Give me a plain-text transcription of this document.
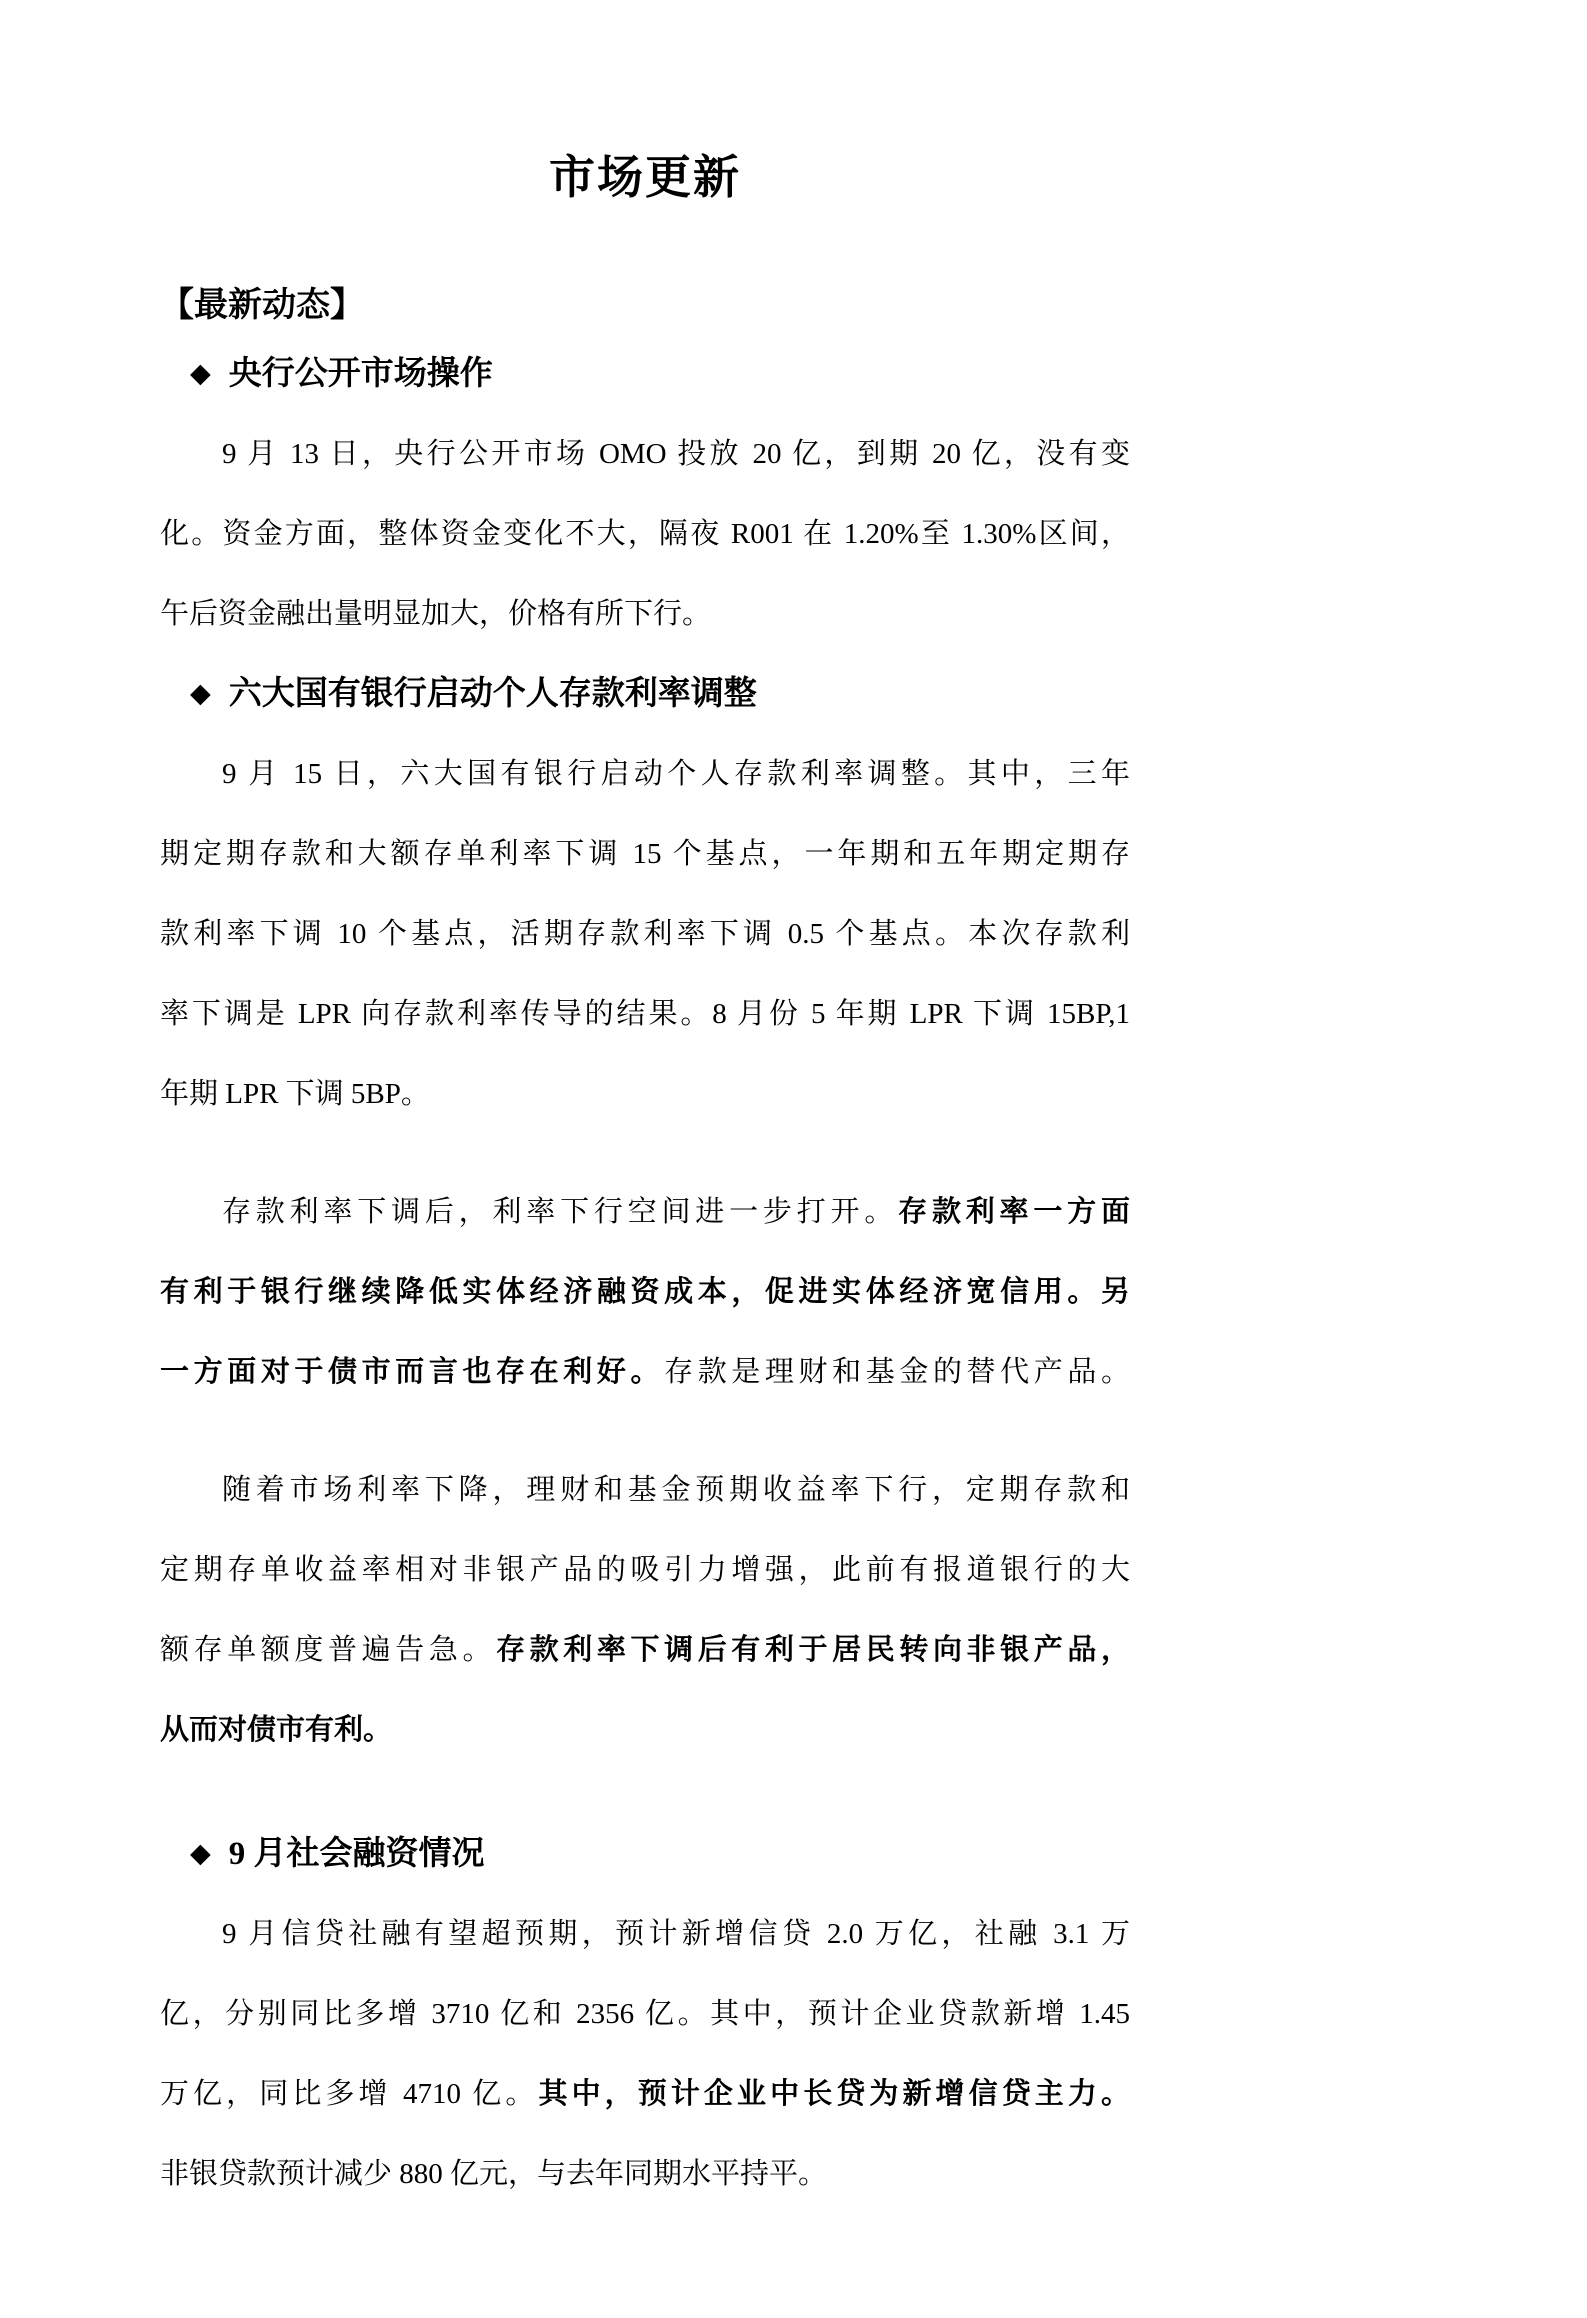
市场更新
【最新动态】
◆ 央行公开市场操作
9 月 13 日，央行公开市场 OMO 投放 20 亿，到期 20 亿，没有变
化。资金方面，整体资金变化不大，隔夜 R001 在 1.20%至 1.30%区间，
午后资金融出量明显加大，价格有所下行。
◆ 六大国有银行启动个人存款利率调整
9 月 15 日，六大国有银行启动个人存款利率调整。其中，三年
期定期存款和大额存单利率下调 15 个基点，一年期和五年期定期存
款利率下调 10 个基点，活期存款利率下调 0.5 个基点。本次存款利
率下调是 LPR 向存款利率传导的结果。8 月份 5 年期 LPR 下调 15BP,1
年期 LPR 下调 5BP。
存款利率下调后，利率下行空间进一步打开。存款利率一方面
有利于银行继续降低实体经济融资成本，促进实体经济宽信用。另
一方面对于债市而言也存在利好。存款是理财和基金的替代产品。
随着市场利率下降，理财和基金预期收益率下行，定期存款和
定期存单收益率相对非银产品的吸引力增强，此前有报道银行的大
额存单额度普遍告急。存款利率下调后有利于居民转向非银产品，
从而对债市有利。
◆ 9 月社会融资情况
9 月信贷社融有望超预期，预计新增信贷 2.0 万亿，社融 3.1 万
亿，分别同比多增 3710 亿和 2356 亿。其中，预计企业贷款新增 1.45
万亿，同比多增 4710 亿。其中，预计企业中长贷为新增信贷主力。
非银贷款预计减少 880 亿元，与去年同期水平持平。
